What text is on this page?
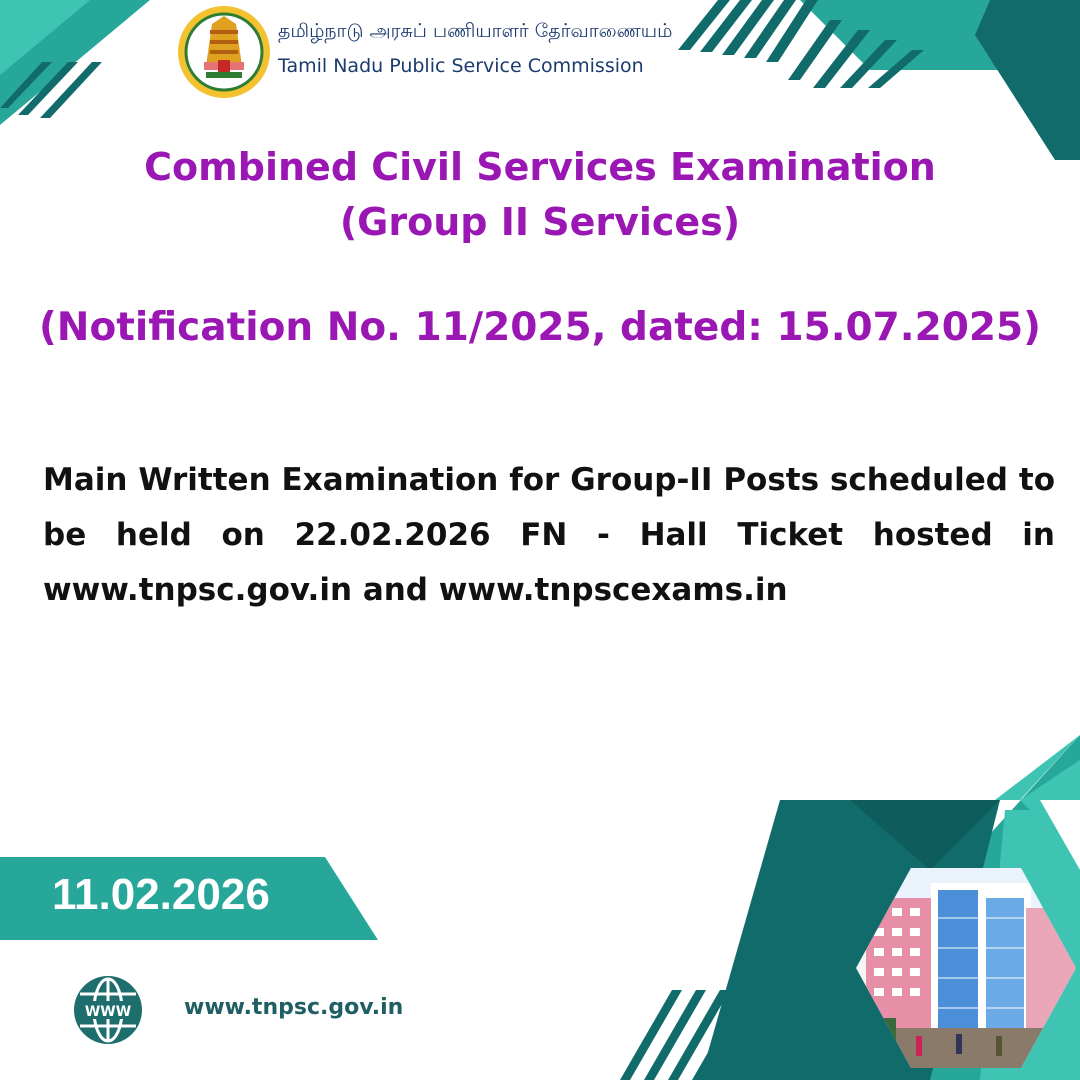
தமிழ்நாடு அரசுப் பணியாளர் தேர்வாணையம்
Tamil Nadu Public Service Commission
Combined Civil Services Examination
(Group II Services)
(Notification No. 11/2025, dated: 15.07.2025)
Main Written Examination for Group-II Posts scheduled to be held on 22.02.2026 FN - Hall Ticket hosted in www.tnpsc.gov.in and www.tnpscexams.in
11.02.2026
WWW www.tnpsc.gov.in
